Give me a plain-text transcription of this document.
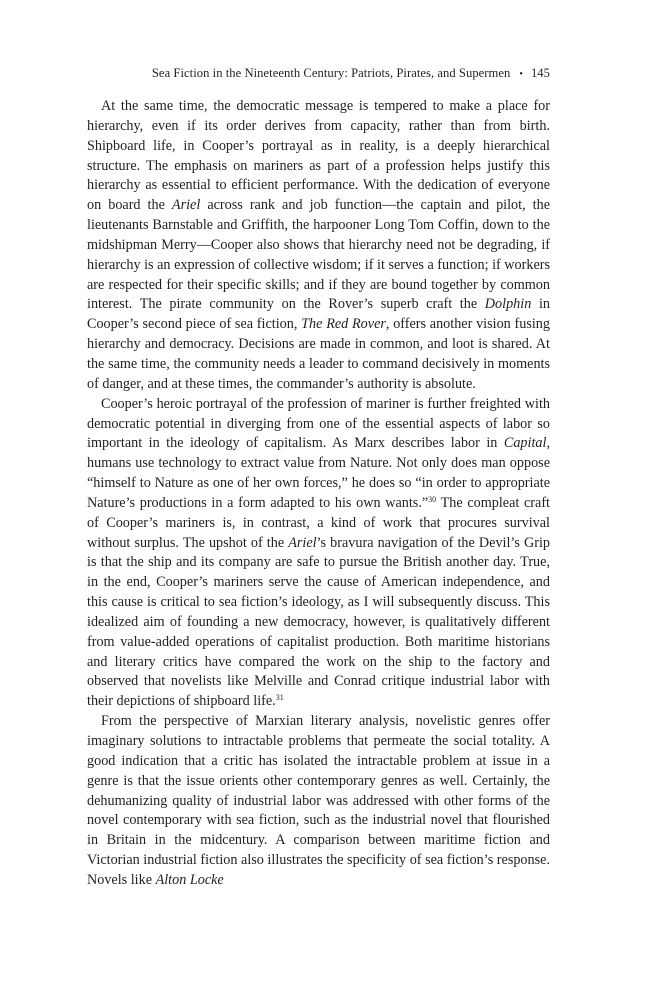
Sea Fiction in the Nineteenth Century: Patriots, Pirates, and Supermen • 145

At the same time, the democratic message is tempered to make a place for hierarchy, even if its order derives from capacity, rather than from birth. Shipboard life, in Cooper’s portrayal as in reality, is a deeply hierarchical structure. The emphasis on mariners as part of a profession helps justify this hierarchy as essential to efficient performance. With the dedication of everyone on board the Ariel across rank and job function—the captain and pilot, the lieutenants Barnstable and Griffith, the harpooner Long Tom Coffin, down to the midshipman Merry—Cooper also shows that hierarchy need not be degrading, if hierarchy is an expression of collective wisdom; if it serves a function; if workers are respected for their specific skills; and if they are bound together by common interest. The pirate community on the Rover’s superb craft the Dolphin in Cooper’s second piece of sea fiction, The Red Rover, offers another vision fusing hierarchy and democracy. Decisions are made in common, and loot is shared. At the same time, the community needs a leader to command decisively in moments of danger, and at these times, the commander’s authority is absolute.

Cooper’s heroic portrayal of the profession of mariner is further freighted with democratic potential in diverging from one of the essential aspects of labor so important in the ideology of capitalism. As Marx describes labor in Capital, humans use technology to extract value from Nature. Not only does man oppose “himself to Nature as one of her own forces,” he does so “in order to appropriate Nature’s productions in a form adapted to his own wants.”$^{30}$ The compleat craft of Cooper’s mariners is, in contrast, a kind of work that procures survival without surplus. The upshot of the Ariel’s bravura navigation of the Devil’s Grip is that the ship and its company are safe to pursue the British another day. True, in the end, Cooper’s mariners serve the cause of American independence, and this cause is critical to sea fiction’s ideology, as I will subsequently discuss. This idealized aim of founding a new democracy, however, is qualitatively different from value-added operations of capitalist production. Both maritime historians and literary critics have compared the work on the ship to the factory and observed that novelists like Melville and Conrad critique industrial labor with their depictions of shipboard life.$^{31}$

From the perspective of Marxian literary analysis, novelistic genres offer imaginary solutions to intractable problems that permeate the social totality. A good indication that a critic has isolated the intractable problem at issue in a genre is that the issue orients other contemporary genres as well. Certainly, the dehumanizing quality of industrial labor was addressed with other forms of the novel contemporary with sea fiction, such as the industrial novel that flourished in Britain in the midcentury. A comparison between maritime fiction and Victorian industrial fiction also illustrates the specificity of sea fiction’s response. Novels like Alton Locke
